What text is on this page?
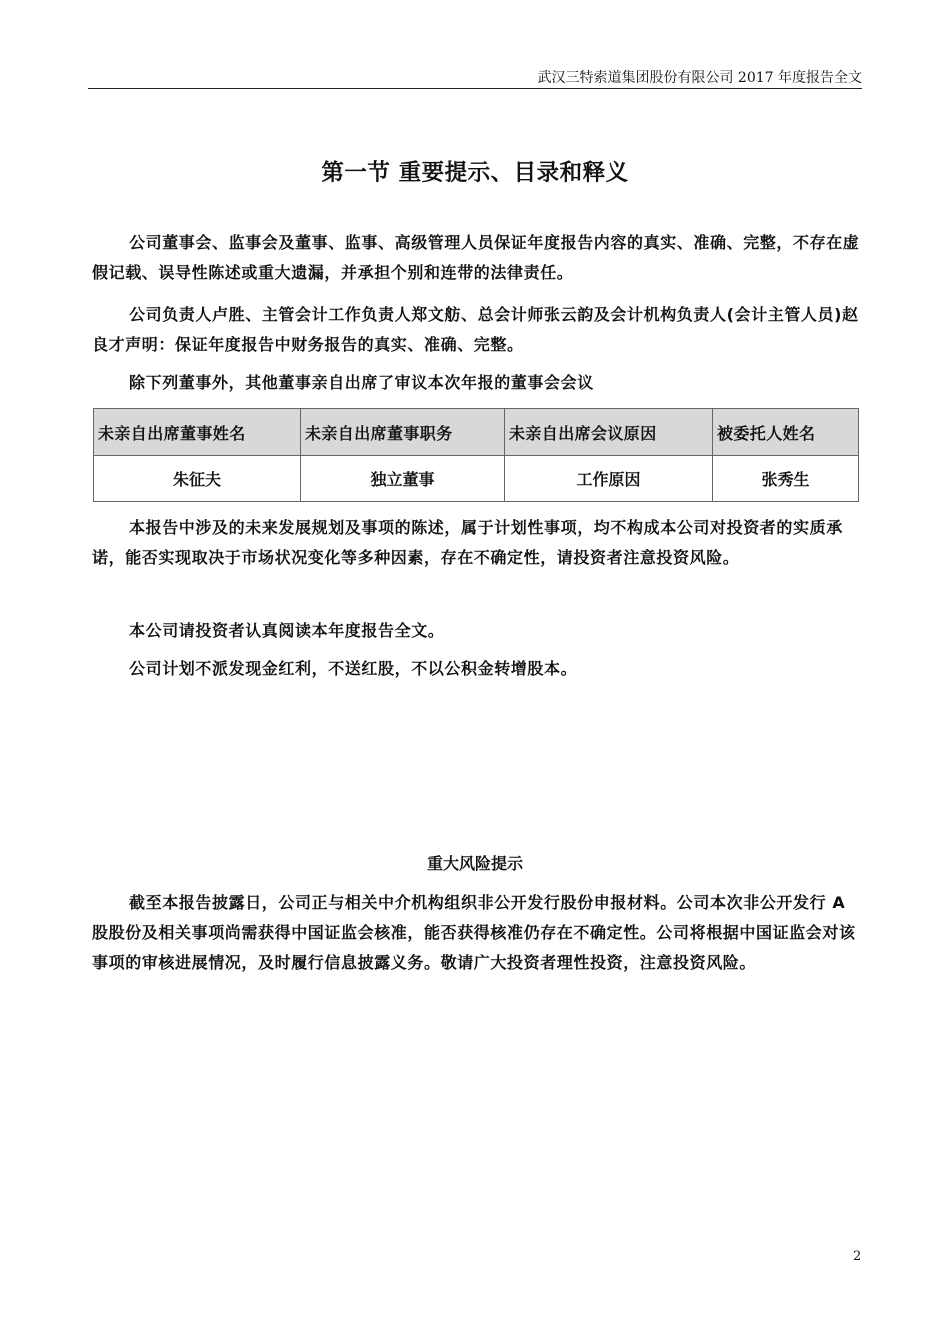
武汉三特索道集团股份有限公司 2017 年度报告全文
第一节 重要提示、目录和释义

公司董事会、监事会及董事、监事、高级管理人员保证年度报告内容的真实、准确、完整，不存在虚假记载、误导性陈述或重大遗漏，并承担个别和连带的法律责任。

公司负责人卢胜、主管会计工作负责人郑文舫、总会计师张云韵及会计机构负责人(会计主管人员)赵良才声明：保证年度报告中财务报告的真实、准确、完整。

除下列董事外，其他董事亲自出席了审议本次年报的董事会会议

未亲自出席董事姓名	未亲自出席董事职务	未亲自出席会议原因	被委托人姓名
朱征夫	独立董事	工作原因	张秀生

本报告中涉及的未来发展规划及事项的陈述，属于计划性事项，均不构成本公司对投资者的实质承诺，能否实现取决于市场状况变化等多种因素，存在不确定性，请投资者注意投资风险。

本公司请投资者认真阅读本年度报告全文。

公司计划不派发现金红利，不送红股，不以公积金转增股本。

重大风险提示

截至本报告披露日，公司正与相关中介机构组织非公开发行股份申报材料。公司本次非公开发行 A 股股份及相关事项尚需获得中国证监会核准，能否获得核准仍存在不确定性。公司将根据中国证监会对该事项的审核进展情况，及时履行信息披露义务。敬请广大投资者理性投资，注意投资风险。

2
